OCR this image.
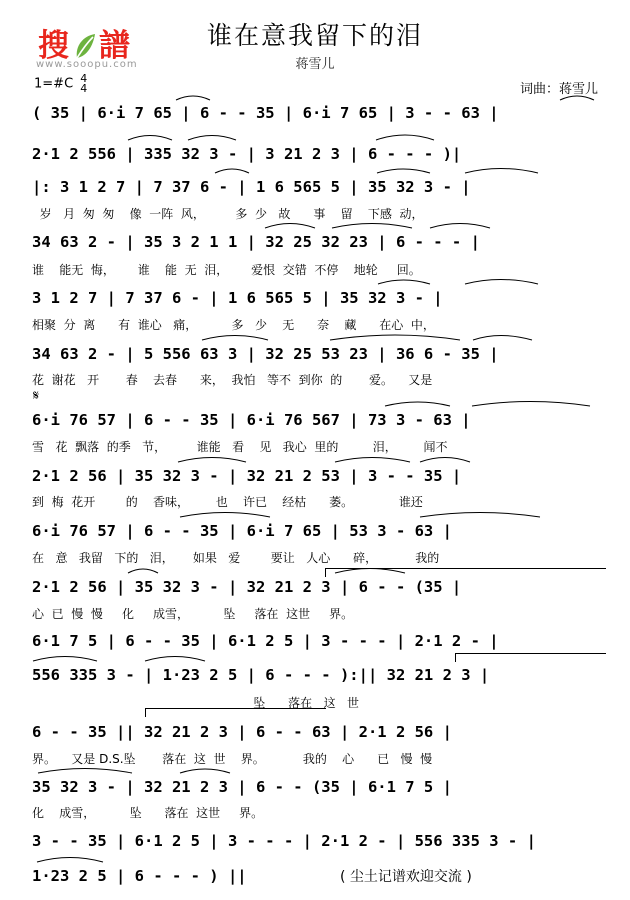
搜 譜
www.sooopu.com
谁在意我留下的泪
蒋雪儿
1=#C 4
4	词曲：蒋雪儿
( 35 | 6·i 7 65 | 6 - - 35 | 6·i 7 65 | 3 - - 63 |
2·1 2 556 | 335 32 3 - | 3 21 2 3 | 6 - - - )|
|: 3 1 2 7 | 7 37 6 - | 1 6 565 5 | 35 32 3 - |
岁   月  匆  匆    像  一阵  风，        多  少   故      事    留    下感  动，
34 63 2 - | 35 3 2 1 1 | 32 25 32 23 | 6 - - - |
谁    能无  悔，      谁    能  无  泪，      爱恨  交错  不停    地轮     回。
3 1 2 7 | 7 37 6 - | 1 6 565 5 | 35 32 3 - |
相聚  分  离      有  谁心   痛，         多   少    无      奈    藏      在心  中，
34 63 2 - | 5 556 63 3 | 32 25 53 23 | 36 6 - 35 |
花  谢花   开       春    去春      来，  我怕   等不  到你  的       爱。    又是
𝄋
6·i 76 57 | 6 - - 35 | 6·i 76 567 | 73 3 - 63 |
雪   花  飘落  的季   节，        谁能   看    见   我心  里的         泪，       闻不
2·1 2 56 | 35 32 3 - | 32 21 2 53 | 3 - - 35 |
到  梅  花开        的    香味，       也    许已    经枯      萎。            谁还
6·i 76 57 | 6 - - 35 | 6·i 7 65 | 53 3 - 63 |
在   意   我留   下的   泪，     如果   爱        要让   人心      碎，          我的
2·1 2 56 | 35 32 3 - | 32 21 2 3 | 6 - - (35 |
心  已  慢  慢     化     成雪，         坠     落在  这世     界。
6·1 7 5 | 6 - - 35 | 6·1 2 5 | 3 - - - | 2·1 2 - |
556 335 3 - | 1·23 2 5 | 6 - - - ):|| 32 21 2 3 |
坠      落在   这   世
6 - - 35 || 32 21 2 3 | 6 - - 63 | 2·1 2 56 |
界。    又是 D.S.坠       落在  这  世    界。          我的    心      已   慢  慢
35 32 3 - | 32 21 2 3 | 6 - - (35 | 6·1 7 5 |
化    成雪，         坠      落在  这世     界。
3 - - 35 | 6·1 2 5 | 3 - - - | 2·1 2 - | 556 335 3 - |
1·23 2 5 | 6 - - - ) ||	( 尘土记谱欢迎交流 )
